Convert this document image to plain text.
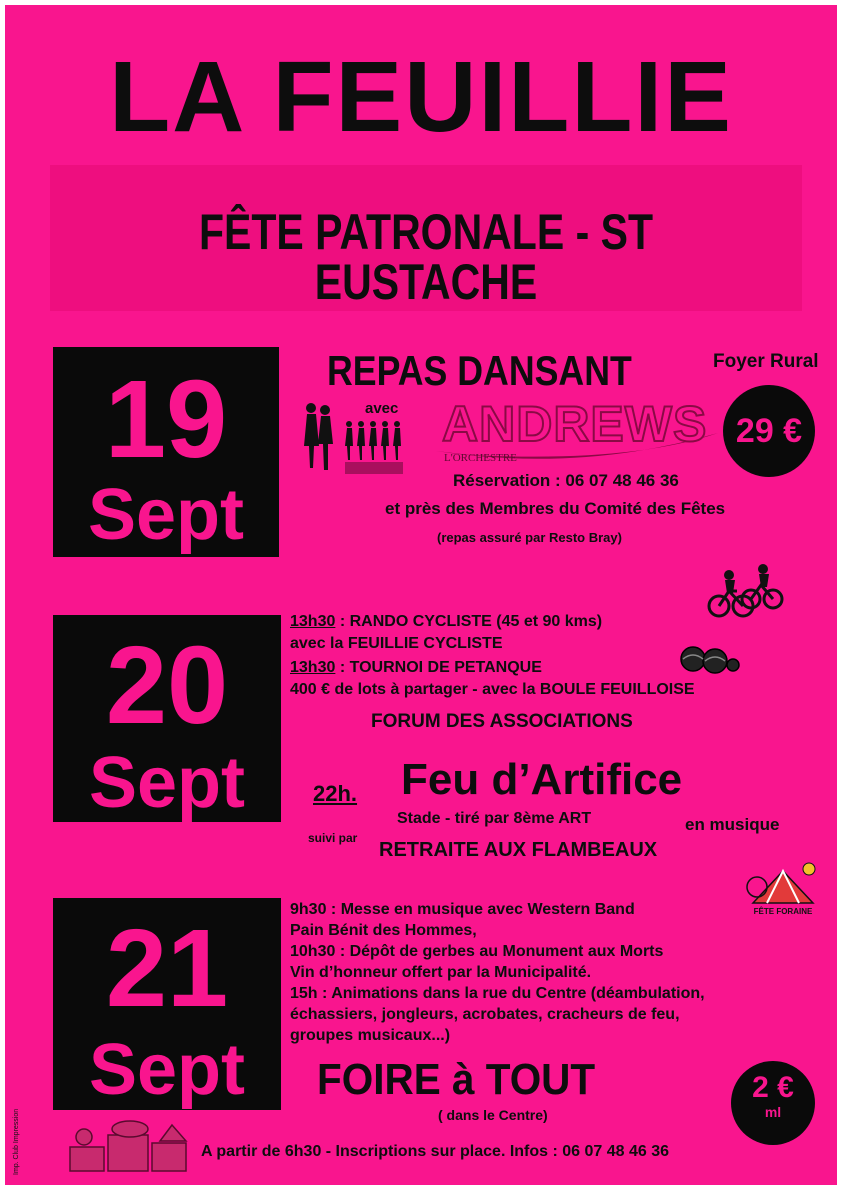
LA FEUILLIE
FÊTE PATRONALE - ST EUSTACHE
19
Sept
REPAS DANSANT	Foyer Rural
29 €
avec ANDREWS
L'ORCHESTRE
Réservation : 06 07 48 46 36
et près des Membres du Comité des Fêtes
(repas assuré par Resto Bray)
20
Sept
13h30 : RANDO CYCLISTE (45 et 90 kms)
avec la FEUILLIE CYCLISTE
13h30 : TOURNOI DE PETANQUE
400 € de lots à partager - avec la BOULE FEUILLOISE
FORUM DES ASSOCIATIONS
22h. Feu d’Artifice
Stade - tiré par 8ème ART	en musique
suivi par
RETRAITE AUX FLAMBEAUX
21
Sept
FÊTE FORAINE
9h30 : Messe en musique avec Western Band
Pain Bénit des Hommes,
10h30 : Dépôt de gerbes au Monument aux Morts
Vin d’honneur offert par la Municipalité.
15h : Animations dans la rue du Centre (déambulation,
échassiers, jongleurs, acrobates, cracheurs de feu,
groupes musicaux...)
FOIRE à TOUT	2 €
ml
( dans le Centre)
A partir de 6h30 - Inscriptions sur place. Infos : 06 07 48 46 36
Imp. Club Impression
